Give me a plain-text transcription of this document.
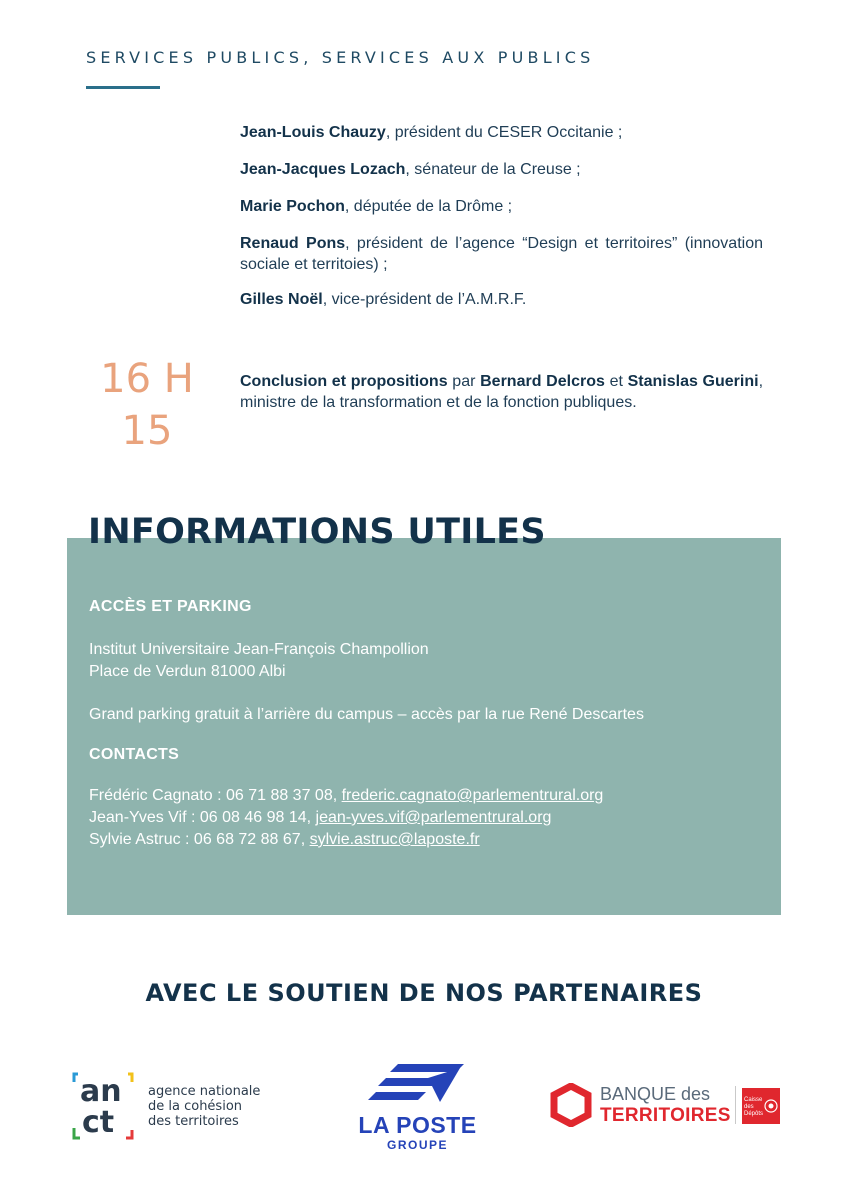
SERVICES PUBLICS, SERVICES AUX PUBLICS

Jean-Louis Chauzy, président du CESER Occitanie ;

Jean-Jacques Lozach, sénateur de la Creuse ;

Marie Pochon, députée de la Drôme ;

Renaud Pons, président de l’agence “Design et territoires” (innovation sociale et territoies) ;

Gilles Noël, vice-président de l’A.M.R.F.

16 H
15
Conclusion et propositions par Bernard Delcros et Stanislas Guerini, ministre de la transformation et de la fonction publiques.
INFORMATIONS UTILES

ACCÈS ET PARKING

Institut Universitaire Jean-François Champollion

Place de Verdun 81000 Albi

Grand parking gratuit à l’arrière du campus – accès par la rue René Descartes

CONTACTS

Frédéric Cagnato : 06 71 88 37 08, frederic.cagnato@parlementrural.org

Jean-Yves Vif : 06 08 46 98 14, jean-yves.vif@parlementrural.org

Sylvie Astruc : 06 68 72 88 67, sylvie.astruc@laposte.fr

AVEC LE SOUTIEN DE NOS PARTENAIRES
an
ct
agence nationale
de la cohésion
des territoires	LA POSTE
GROUPE
BANQUE des
TERRITOIRES
Caisse
des Dépôts
